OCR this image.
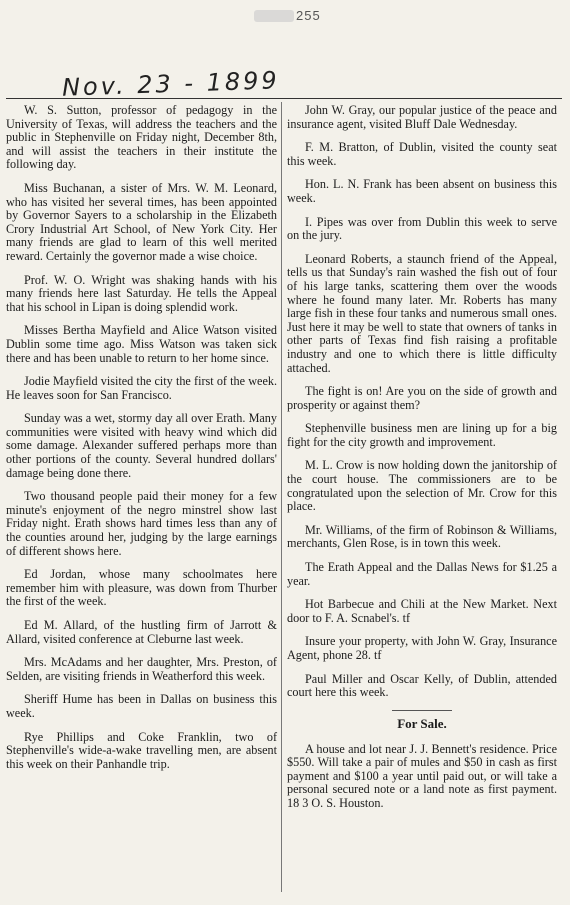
255
Nov. 23 - 1899

W. S. Sutton, professor of pedagogy in the University of Texas, will address the teachers and the public in Stephenville on Friday night, December 8th, and will assist the teachers in their institute the following day.

Miss Buchanan, a sister of Mrs. W. M. Leonard, who has visited her several times, has been appointed by Governor Sayers to a scholarship in the Elizabeth Crory Industrial Art School, of New York City. Her many friends are glad to learn of this well merited reward. Certainly the governor made a wise choice.

Prof. W. O. Wright was shaking hands with his many friends here last Saturday. He tells the Appeal that his school in Lipan is doing splendid work.

Misses Bertha Mayfield and Alice Watson visited Dublin some time ago. Miss Watson was taken sick there and has been unable to return to her home since.

Jodie Mayfield visited the city the first of the week. He leaves soon for San Francisco.

Sunday was a wet, stormy day all over Erath. Many communities were visited with heavy wind which did some damage. Alexander suffered perhaps more than other portions of the county. Several hundred dollars' damage being done there.

Two thousand people paid their money for a few minute's enjoyment of the negro minstrel show last Friday night. Erath shows hard times less than any of the counties around her, judging by the large earnings of different shows here.

Ed Jordan, whose many schoolmates here remember him with pleasure, was down from Thurber the first of the week.

Ed M. Allard, of the hustling firm of Jarrott & Allard, visited conference at Cleburne last week.

Mrs. McAdams and her daughter, Mrs. Preston, of Selden, are visiting friends in Weatherford this week.

Sheriff Hume has been in Dallas on business this week.

Rye Phillips and Coke Franklin, two of Stephenville's wide-a-wake travelling men, are absent this week on their Panhandle trip.

John W. Gray, our popular justice of the peace and insurance agent, visited Bluff Dale Wednesday.

F. M. Bratton, of Dublin, visited the county seat this week.

Hon. L. N. Frank has been absent on business this week.

I. Pipes was over from Dublin this week to serve on the jury.

Leonard Roberts, a staunch friend of the Appeal, tells us that Sunday's rain washed the fish out of four of his large tanks, scattering them over the woods where he found many later. Mr. Roberts has many large fish in these four tanks and numerous small ones. Just here it may be well to state that owners of tanks in other parts of Texas find fish raising a profitable industry and one to which there is little difficulty attached.

The fight is on! Are you on the side of growth and prosperity or against them?

Stephenville business men are lining up for a big fight for the city growth and improvement.

M. L. Crow is now holding down the janitorship of the court house. The commissioners are to be congratulated upon the selection of Mr. Crow for this place.

Mr. Williams, of the firm of Robinson & Williams, merchants, Glen Rose, is in town this week.

The Erath Appeal and the Dallas News for $1.25 a year.

Hot Barbecue and Chili at the New Market. Next door to F. A. Scnabel's. tf

Insure your property, with John W. Gray, Insurance Agent, phone 28. tf

Paul Miller and Oscar Kelly, of Dublin, attended court here this week.

For Sale.

A house and lot near J. J. Bennett's residence. Price $550. Will take a pair of mules and $50 in cash as first payment and $100 a year until paid out, or will take a personal secured note or a land note as first payment. 18 3 O. S. Houston.
